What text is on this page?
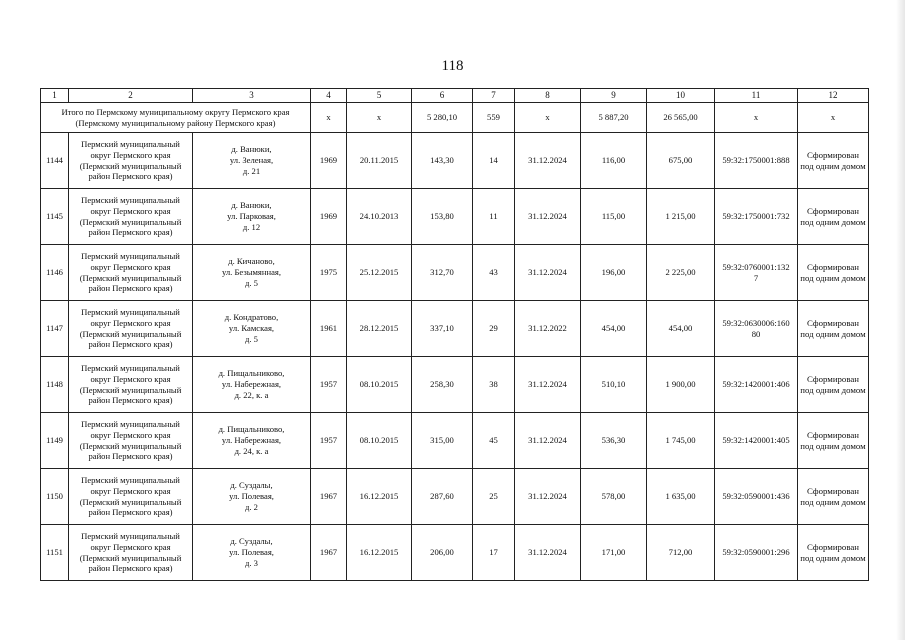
118
1	2	3	4	5	6	7	8	9	10	11	12
Итого по Пермскому муниципальному округу Пермского края (Пермскому муниципальному району Пермского края)			х	х	5 280,10	559	х	5 887,20	26 565,00	х	х
1144	Пермский муниципальный округ Пермского края (Пермский муниципальный район Пермского края)	д. Ванюки,
ул. Зеленая,
д. 21	1969	20.11.2015	143,30	14	31.12.2024	116,00	675,00	59:32:1750001:888	Сформирован
под одним домом

1145	Пермский муниципальный округ Пермского края (Пермский муниципальный район Пермского края)	д. Ванюки,
ул. Парковая,
д. 12	1969	24.10.2013	153,80	11	31.12.2024	115,00	1 215,00	59:32:1750001:732	Сформирован
под одним домом

1146	Пермский муниципальный округ Пермского края (Пермский муниципальный район Пермского края)	д. Кичаново,
ул. Безымянная,
д. 5	1975	25.12.2015	312,70	43	31.12.2024	196,00	2 225,00	59:32:0760001:132
7	Сформирован
под одним домом

1147	Пермский муниципальный округ Пермского края (Пермский муниципальный район Пермского края)	д. Кондратово,
ул. Камская,
д. 5	1961	28.12.2015	337,10	29	31.12.2022	454,00	454,00	59:32:0630006:160
80	Сформирован
под одним домом

1148	Пермский муниципальный округ Пермского края (Пермский муниципальный район Пермского края)	д. Пищальниково,
ул. Набережная,
д. 22, к. а	1957	08.10.2015	258,30	38	31.12.2024	510,10	1 900,00	59:32:1420001:406	Сформирован
под одним домом

1149	Пермский муниципальный округ Пермского края (Пермский муниципальный район Пермского края)	д. Пищальниково,
ул. Набережная,
д. 24, к. а	1957	08.10.2015	315,00	45	31.12.2024	536,30	1 745,00	59:32:1420001:405	Сформирован
под одним домом

1150	Пермский муниципальный округ Пермского края (Пермский муниципальный район Пермского края)	д. Суздалы,
ул. Полевая,
д. 2	1967	16.12.2015	287,60	25	31.12.2024	578,00	1 635,00	59:32:0590001:436	Сформирован
под одним домом

1151	Пермский муниципальный округ Пермского края (Пермский муниципальный район Пермского края)	д. Суздалы,
ул. Полевая,
д. 3	1967	16.12.2015	206,00	17	31.12.2024	171,00	712,00	59:32:0590001:296	Сформирован
под одним домом
